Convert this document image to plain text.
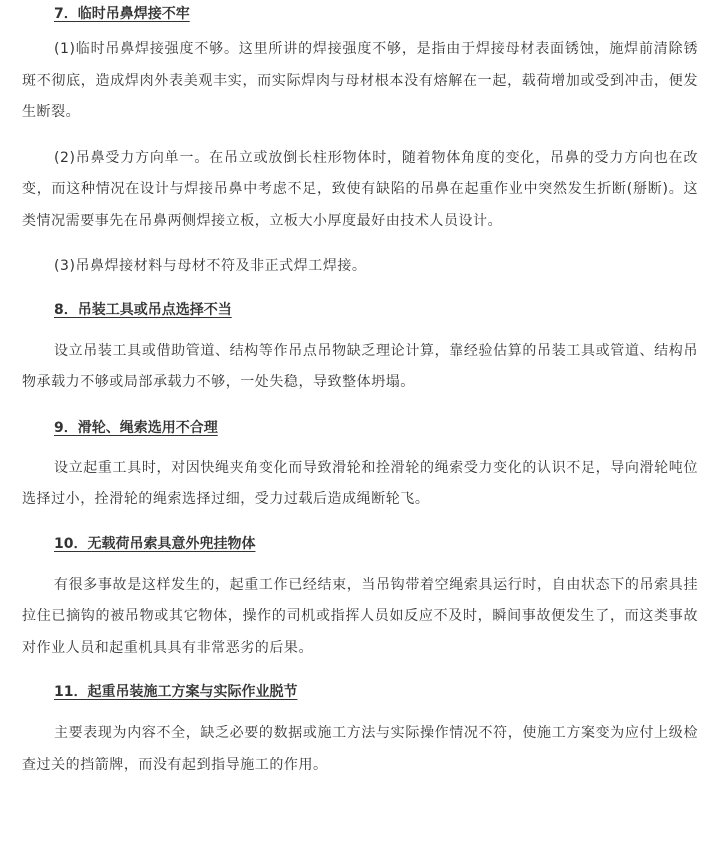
7．临时吊鼻焊接不牢

(1)临时吊鼻焊接强度不够。这里所讲的焊接强度不够，是指由于焊接母材表面锈蚀，施焊前清除锈斑不彻底，造成焊肉外表美观丰实，而实际焊肉与母材根本没有熔解在一起，载荷增加或受到冲击，便发生断裂。

(2)吊鼻受力方向单一。在吊立或放倒长柱形物体时，随着物体角度的变化，吊鼻的受力方向也在改变，而这种情况在设计与焊接吊鼻中考虑不足，致使有缺陷的吊鼻在起重作业中突然发生折断(掰断)。这类情况需要事先在吊鼻两侧焊接立板，立板大小厚度最好由技术人员设计。

(3)吊鼻焊接材料与母材不符及非正式焊工焊接。

8．吊装工具或吊点选择不当

设立吊装工具或借助管道、结构等作吊点吊物缺乏理论计算，靠经验估算的吊装工具或管道、结构吊物承载力不够或局部承载力不够，一处失稳，导致整体坍塌。

9．滑轮、绳索选用不合理

设立起重工具时，对因快绳夹角变化而导致滑轮和拴滑轮的绳索受力变化的认识不足，导向滑轮吨位选择过小，拴滑轮的绳索选择过细，受力过载后造成绳断轮飞。

10．无载荷吊索具意外兜挂物体

有很多事故是这样发生的，起重工作已经结束，当吊钩带着空绳索具运行时，自由状态下的吊索具挂拉住已摘钩的被吊物或其它物体，操作的司机或指挥人员如反应不及时，瞬间事故便发生了，而这类事故对作业人员和起重机具具有非常恶劣的后果。

11．起重吊装施工方案与实际作业脱节

主要表现为内容不全，缺乏必要的数据或施工方法与实际操作情况不符，使施工方案变为应付上级检查过关的挡箭牌，而没有起到指导施工的作用。
